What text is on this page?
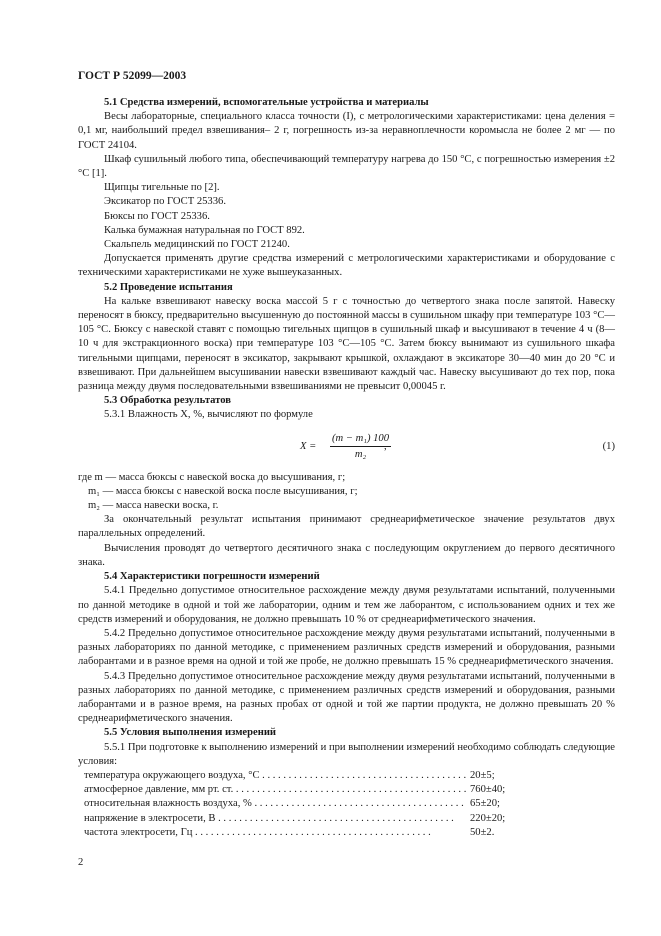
ГОСТ Р 52099—2003

5.1 Средства измерений, вспомогательные устройства и материалы

Весы лабораторные, специального класса точности (I), с метрологическими характеристиками: цена деления = 0,1 мг, наибольший предел взвешивания– 2 г, погрешность из-за неравноплечности коромысла не более 2 мг — по ГОСТ 24104.

Шкаф сушильный любого типа, обеспечивающий температуру нагрева до 150 °С, с погрешностью измерения ±2 °С [1].

Щипцы тигельные по [2].

Эксикатор по ГОСТ 25336.

Бюксы по ГОСТ 25336.

Калька бумажная натуральная по ГОСТ 892.

Скальпель медицинский по ГОСТ 21240.

Допускается применять другие средства измерений с метрологическими характеристиками и оборудование с техническими характеристиками не хуже вышеуказанных.

5.2 Проведение испытания

На кальке взвешивают навеску воска массой 5 г с точностью до четвертого знака после запятой. Навеску переносят в бюксу, предварительно высушенную до постоянной массы в сушильном шкафу при температуре 103 °С—105 °С. Бюксу с навеской ставят с помощью тигельных щипцов в сушильный шкаф и высушивают в течение 4 ч (8—10 ч для экстракционного воска) при температуре 103 °С—105 °С. Затем бюксу вынимают из сушильного шкафа тигельными щипцами, переносят в эксикатор, закрывают крышкой, охлаждают в эксикаторе 30—40 мин до 20 °С и взвешивают. При дальнейшем высушивании навески взвешивают каждый час. Навеску высушивают до тех пор, пока разница между двумя последовательными взвешиваниями не превысит 0,00045 г.

5.3 Обработка результатов

5.3.1 Влажность X, %, вычисляют по формуле

$X = \frac{\text{(m − m₁) 100}}{\text{m₂}}$
,	(1)

где m — масса бюксы с навеской воска до высушивания, г;

m₁ — масса бюксы с навеской воска после высушивания, г;

m₂ — масса навески воска, г.

За окончательный результат испытания принимают среднеарифметическое значение результатов двух параллельных определений.

Вычисления проводят до четвертого десятичного знака с последующим округлением до первого десятичного знака.

5.4 Характеристики погрешности измерений

5.4.1 Предельно допустимое относительное расхождение между двумя результатами испытаний, полученными по данной методике в одной и той же лаборатории, одним и тем же лаборантом, с использованием одних и тех же средств измерений и оборудования, не должно превышать 10 % от среднеарифметического значения.

5.4.2 Предельно допустимое относительное расхождение между двумя результатами испытаний, полученными в разных лабораториях по данной методике, с применением различных средств измерений и оборудования, разными лаборантами и в разное время на одной и той же пробе, не должно превышать 15 % среднеарифметического значения.

5.4.3 Предельно допустимое относительное расхождение между двумя результатами испытаний, полученными в разных лабораториях по данной методике, с применением различных средств измерений и оборудования, разными лаборантами и в разное время, на разных пробах от одной и той же партии продукта, не должно превышать 20 % среднеарифметического значения.

5.5 Условия выполнения измерений

5.5.1 При подготовке к выполнению измерений и при выполнении измерений необходимо соблюдать следующие условия:

температура окружающего воздуха, °С . . .	20±5;
атмосферное давление, мм рт. ст. . . .	760±40;
относительная влажность воздуха, % . . .	65±20;
напряжение в электросети, В . . .	220±20;
частота электросети, Гц . . .	50±2.
2
